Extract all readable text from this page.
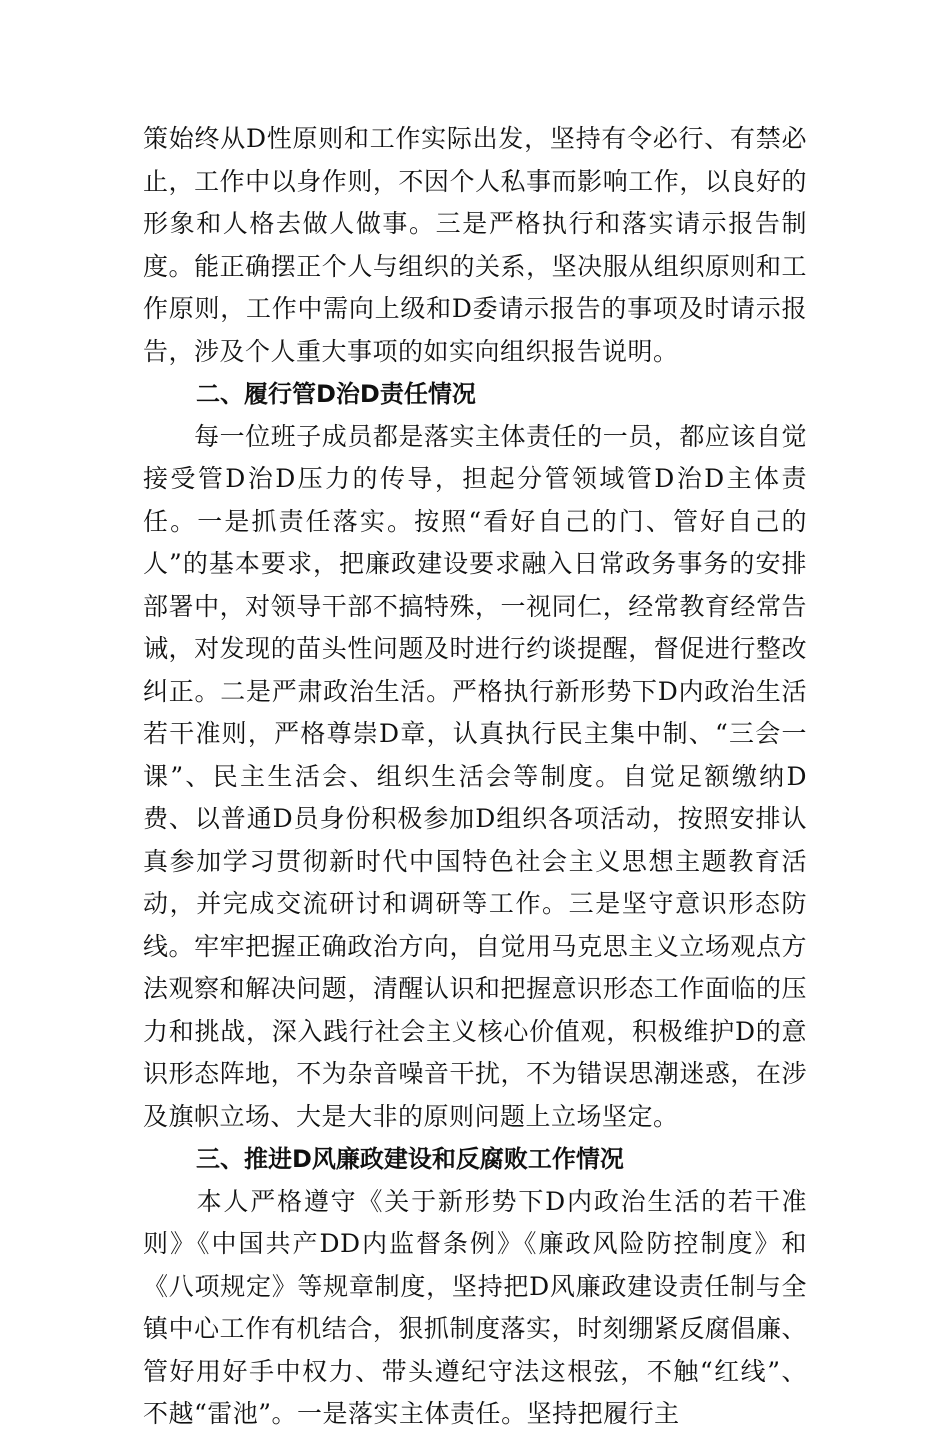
策始终从D性原则和工作实际出发，坚持有令必行、有禁必止，工作中以身作则，不因个人私事而影响工作，以良好的形象和人格去做人做事。三是严格执行和落实请示报告制度。能正确摆正个人与组织的关系，坚决服从组织原则和工作原则，工作中需向上级和D委请示报告的事项及时请示报告，涉及个人重大事项的如实向组织报告说明。

二、履行管D治D责任情况

　　每一位班子成员都是落实主体责任的一员，都应该自觉接受管D治D压力的传导，担起分管领域管D治D主体责任。一是抓责任落实。按照“看好自己的门、管好自己的人”的基本要求，把廉政建设要求融入日常政务事务的安排部署中，对领导干部不搞特殊，一视同仁，经常教育经常告诫，对发现的苗头性问题及时进行约谈提醒，督促进行整改纠正。二是严肃政治生活。严格执行新形势下D内政治生活若干准则，严格尊崇D章，认真执行民主集中制、“三会一课”、民主生活会、组织生活会等制度。自觉足额缴纳D费、以普通D员身份积极参加D组织各项活动，按照安排认真参加学习贯彻新时代中国特色社会主义思想主题教育活动，并完成交流研讨和调研等工作。三是坚守意识形态防线。牢牢把握正确政治方向，自觉用马克思主义立场观点方法观察和解决问题，清醒认识和把握意识形态工作面临的压力和挑战，深入践行社会主义核心价值观，积极维护D的意识形态阵地，不为杂音噪音干扰，不为错误思潮迷惑，在涉及旗帜立场、大是大非的原则问题上立场坚定。

三、推进D风廉政建设和反腐败工作情况

　　本人严格遵守《关于新形势下D内政治生活的若干准则》《中国共产DD内监督条例》《廉政风险防控制度》和《八项规定》等规章制度，坚持把D风廉政建设责任制与全镇中心工作有机结合，狠抓制度落实，时刻绷紧反腐倡廉、管好用好手中权力、带头遵纪守法这根弦，不触“红线”、不越“雷池”。一是落实主体责任。坚持把履行主
